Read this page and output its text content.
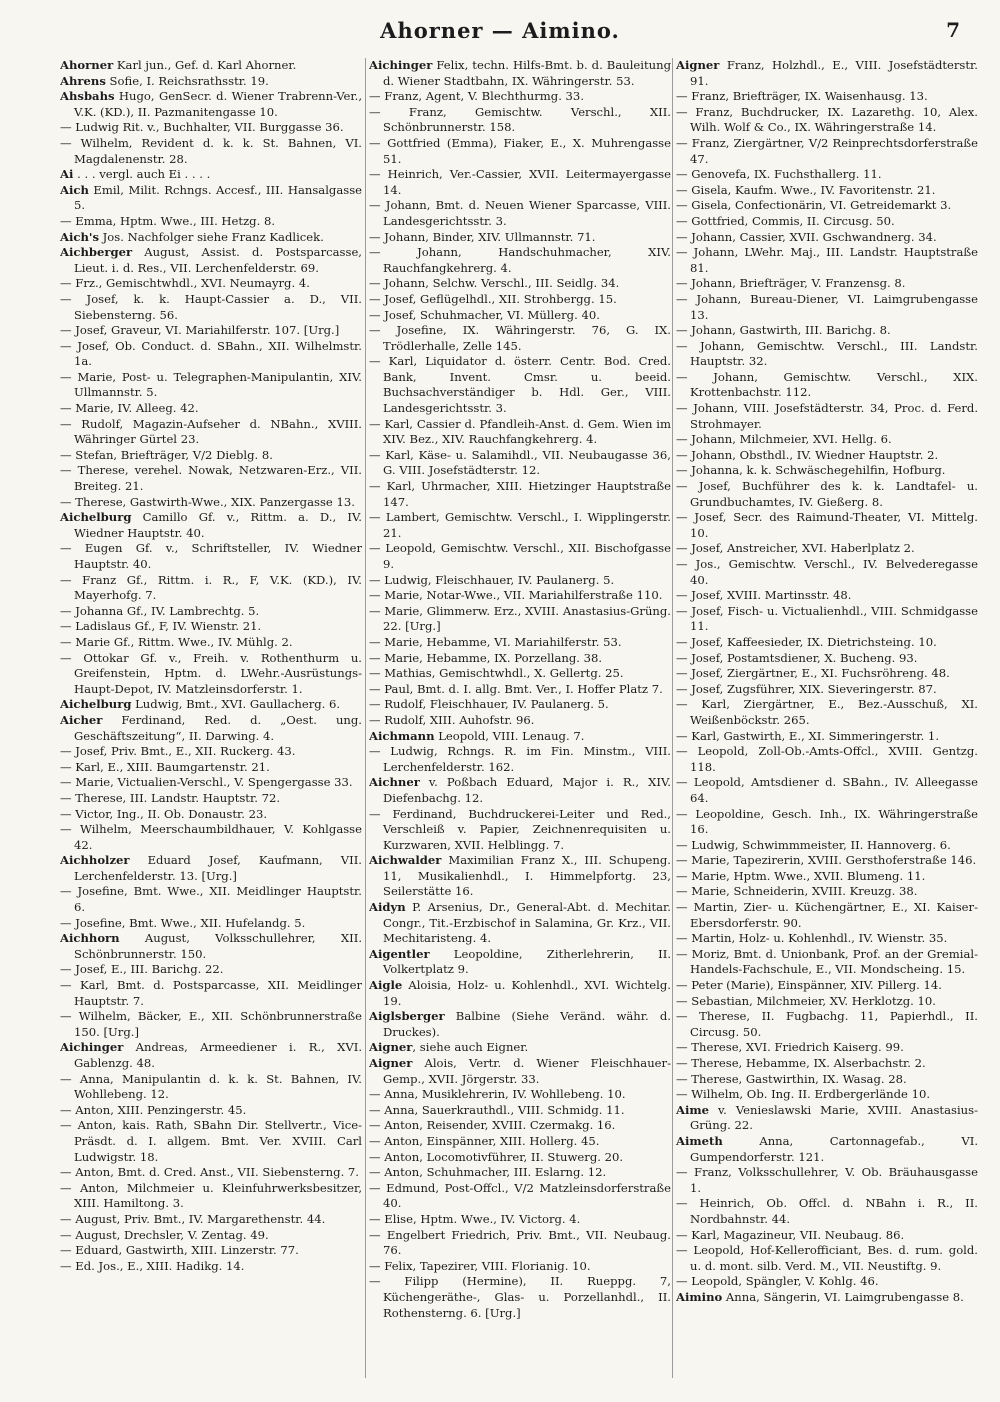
Ahorner — Aimino.	7

Ahorner Karl jun., Gef. d. Karl Ahorner.

Ahrens Sofie, I. Reichsrathsstr. 19.

Ahsbahs Hugo, GenSecr. d. Wiener Trabrenn-Ver., V.K. (KD.), II. Pazmanitengasse 10.

— Ludwig Rit. v., Buchhalter, VII. Burggasse 36.

— Wilhelm, Revident d. k. k. St. Bahnen, VI. Magdalenenstr. 28.

Ai . . . vergl. auch Ei . . . .

Aich Emil, Milit. Rchngs. Accesf., III. Hansalgasse 5.

— Emma, Hptm. Wwe., III. Hetzg. 8.

Aich's Jos. Nachfolger siehe Franz Kadlicek.

Aichberger August, Assist. d. Postsparcasse, Lieut. i. d. Res., VII. Lerchenfelderstr. 69.

— Frz., Gemischtwhdl., XVI. Neumayrg. 4.

— Josef, k. k. Haupt-Cassier a. D., VII. Siebensterng. 56.

— Josef, Graveur, VI. Mariahilferstr. 107. [Urg.]

— Josef, Ob. Conduct. d. SBahn., XII. Wilhelmstr. 1a.

— Marie, Post- u. Telegraphen-Manipulantin, XIV. Ullmannstr. 5.

— Marie, IV. Alleeg. 42.

— Rudolf, Magazin-Aufseher d. NBahn., XVIII. Währinger Gürtel 23.

— Stefan, Briefträger, V/2 Dieblg. 8.

— Therese, verehel. Nowak, Netzwaren-Erz., VII. Breiteg. 21.

— Therese, Gastwirth-Wwe., XIX. Panzergasse 13.

Aichelburg Camillo Gf. v., Rittm. a. D., IV. Wiedner Hauptstr. 40.

— Eugen Gf. v., Schriftsteller, IV. Wiedner Hauptstr. 40.

— Franz Gf., Rittm. i. R., F, V.K. (KD.), IV. Mayerhofg. 7.

— Johanna Gf., IV. Lambrechtg. 5.

— Ladislaus Gf., F, IV. Wienstr. 21.

— Marie Gf., Rittm. Wwe., IV. Mühlg. 2.

— Ottokar Gf. v., Freih. v. Rothenthurm u. Greifenstein, Hptm. d. LWehr.-Ausrüstungs-Haupt-Depot, IV. Matzleinsdorferstr. 1.

Aichelburg Ludwig, Bmt., XVI. Gaullacherg. 6.

Aicher Ferdinand, Red. d. „Oest. ung. Geschäftszeitung“, II. Darwing. 4.

— Josef, Priv. Bmt., E., XII. Ruckerg. 43.

— Karl, E., XIII. Baumgartenstr. 21.

— Marie, Victualien-Verschl., V. Spengergasse 33.

— Therese, III. Landstr. Hauptstr. 72.

— Victor, Ing., II. Ob. Donaustr. 23.

— Wilhelm, Meerschaumbildhauer, V. Kohlgasse 42.

Aichholzer Eduard Josef, Kaufmann, VII. Lerchenfelderstr. 13. [Urg.]

— Josefine, Bmt. Wwe., XII. Meidlinger Hauptstr. 6.

— Josefine, Bmt. Wwe., XII. Hufelandg. 5.

Aichhorn August, Volksschullehrer, XII. Schönbrunnerstr. 150.

— Josef, E., III. Barichg. 22.

— Karl, Bmt. d. Postsparcasse, XII. Meidlinger Hauptstr. 7.

— Wilhelm, Bäcker, E., XII. Schönbrunnerstraße 150. [Urg.]

Aichinger Andreas, Armeediener i. R., XVI. Gablenzg. 48.

— Anna, Manipulantin d. k. k. St. Bahnen, IV. Wohllebeng. 12.

— Anton, XIII. Penzingerstr. 45.

— Anton, kais. Rath, SBahn Dir. Stellvertr., Vice-Präsdt. d. I. allgem. Bmt. Ver. XVIII. Carl Ludwigstr. 18.

— Anton, Bmt. d. Cred. Anst., VII. Siebensterng. 7.

— Anton, Milchmeier u. Kleinfuhrwerksbesitzer, XIII. Hamiltong. 3.

— August, Priv. Bmt., IV. Margarethenstr. 44.

— August, Drechsler, V. Zentag. 49.

— Eduard, Gastwirth, XIII. Linzerstr. 77.

— Ed. Jos., E., XIII. Hadikg. 14.

Aichinger Felix, techn. Hilfs-Bmt. b. d. Bauleitung d. Wiener Stadtbahn, IX. Währingerstr. 53.

— Franz, Agent, V. Blechthurmg. 33.

— Franz, Gemischtw. Verschl., XII. Schönbrunnerstr. 158.

— Gottfried (Emma), Fiaker, E., X. Muhrengasse 51.

— Heinrich, Ver.-Cassier, XVII. Leitermayergasse 14.

— Johann, Bmt. d. Neuen Wiener Sparcasse, VIII. Landesgerichtsstr. 3.

— Johann, Binder, XIV. Ullmannstr. 71.

— Johann, Handschuhmacher, XIV. Rauchfangkehrerg. 4.

— Johann, Selchw. Verschl., III. Seidlg. 34.

— Josef, Geflügelhdl., XII. Strohbergg. 15.

— Josef, Schuhmacher, VI. Müllerg. 40.

— Josefine, IX. Währingerstr. 76, G. IX. Trödlerhalle, Zelle 145.

— Karl, Liquidator d. österr. Centr. Bod. Cred. Bank, Invent. Cmsr. u. beeid. Buchsachverständiger b. Hdl. Ger., VIII. Landesgerichtsstr. 3.

— Karl, Cassier d. Pfandleih-Anst. d. Gem. Wien im XIV. Bez., XIV. Rauchfangkehrerg. 4.

— Karl, Käse- u. Salamihdl., VII. Neubaugasse 36, G. VIII. Josefstädterstr. 12.

— Karl, Uhrmacher, XIII. Hietzinger Hauptstraße 147.

— Lambert, Gemischtw. Verschl., I. Wipplingerstr. 21.

— Leopold, Gemischtw. Verschl., XII. Bischofgasse 9.

— Ludwig, Fleischhauer, IV. Paulanerg. 5.

— Marie, Notar-Wwe., VII. Mariahilferstraße 110.

— Marie, Glimmerw. Erz., XVIII. Anastasius-Grüng. 22. [Urg.]

— Marie, Hebamme, VI. Mariahilferstr. 53.

— Marie, Hebamme, IX. Porzellang. 38.

— Mathias, Gemischtwhdl., X. Gellertg. 25.

— Paul, Bmt. d. I. allg. Bmt. Ver., I. Hoffer Platz 7.

— Rudolf, Fleischhauer, IV. Paulanerg. 5.

— Rudolf, XIII. Auhofstr. 96.

Aichmann Leopold, VIII. Lenaug. 7.

— Ludwig, Rchngs. R. im Fin. Minstm., VIII. Lerchenfelderstr. 162.

Aichner v. Poßbach Eduard, Major i. R., XIV. Diefenbachg. 12.

— Ferdinand, Buchdruckerei-Leiter und Red., Verschleiß v. Papier, Zeichnenrequisiten u. Kurzwaren, XVII. Helblingg. 7.

Aichwalder Maximilian Franz X., III. Schupeng. 11, Musikalienhdl., I. Himmelpfortg. 23, Seilerstätte 16.

Aidyn P. Arsenius, Dr., General-Abt. d. Mechitar. Congr., Tit.-Erzbischof in Salamina, Gr. Krz., VII. Mechitaristeng. 4.

Aigentler Leopoldine, Zitherlehrerin, II. Volkertplatz 9.

Aigle Aloisia, Holz- u. Kohlenhdl., XVI. Wichtelg. 19.

Aiglsberger Balbine (Siehe Veränd. währ. d. Druckes).

Aigner, siehe auch Eigner.

Aigner Alois, Vertr. d. Wiener Fleischhauer-Gemp., XVII. Jörgerstr. 33.

— Anna, Musiklehrerin, IV. Wohllebeng. 10.

— Anna, Sauerkrauthdl., VIII. Schmidg. 11.

— Anton, Reisender, XVIII. Czermakg. 16.

— Anton, Einspänner, XIII. Hollerg. 45.

— Anton, Locomotivführer, II. Stuwerg. 20.

— Anton, Schuhmacher, III. Eslarng. 12.

— Edmund, Post-Offcl., V/2 Matzleinsdorferstraße 40.

— Elise, Hptm. Wwe., IV. Victorg. 4.

— Engelbert Friedrich, Priv. Bmt., VII. Neubaug. 76.

— Felix, Tapezirer, VIII. Florianig. 10.

— Filipp (Hermine), II. Rueppg. 7, Küchengeräthe-, Glas- u. Porzellanhdl., II. Rothensterng. 6. [Urg.]

Aigner Franz, Holzhdl., E., VIII. Josefstädterstr. 91.

— Franz, Briefträger, IX. Waisenhausg. 13.

— Franz, Buchdrucker, IX. Lazarethg. 10, Alex. Wilh. Wolf & Co., IX. Währingerstraße 14.

— Franz, Ziergärtner, V/2 Reinprechtsdorferstraße 47.

— Genovefa, IX. Fuchsthallerg. 11.

— Gisela, Kaufm. Wwe., IV. Favoritenstr. 21.

— Gisela, Confectionärin, VI. Getreidemarkt 3.

— Gottfried, Commis, II. Circusg. 50.

— Johann, Cassier, XVII. Gschwandnerg. 34.

— Johann, LWehr. Maj., III. Landstr. Hauptstraße 81.

— Johann, Briefträger, V. Franzensg. 8.

— Johann, Bureau-Diener, VI. Laimgrubengasse 13.

— Johann, Gastwirth, III. Barichg. 8.

— Johann, Gemischtw. Verschl., III. Landstr. Hauptstr. 32.

— Johann, Gemischtw. Verschl., XIX. Krottenbachstr. 112.

— Johann, VIII. Josefstädterstr. 34, Proc. d. Ferd. Strohmayer.

— Johann, Milchmeier, XVI. Hellg. 6.

— Johann, Obsthdl., IV. Wiedner Hauptstr. 2.

— Johanna, k. k. Schwäschegehilfin, Hofburg.

— Josef, Buchführer des k. k. Landtafel- u. Grundbuchamtes, IV. Gießerg. 8.

— Josef, Secr. des Raimund-Theater, VI. Mittelg. 10.

— Josef, Anstreicher, XVI. Haberlplatz 2.

— Jos., Gemischtw. Verschl., IV. Belvederegasse 40.

— Josef, XVIII. Martinsstr. 48.

— Josef, Fisch- u. Victualienhdl., VIII. Schmidgasse 11.

— Josef, Kaffeesieder, IX. Dietrichsteing. 10.

— Josef, Postamtsdiener, X. Bucheng. 93.

— Josef, Ziergärtner, E., XI. Fuchsröhreng. 48.

— Josef, Zugsführer, XIX. Sieveringerstr. 87.

— Karl, Ziergärtner, E., Bez.-Ausschuß, XI. Weißenböckstr. 265.

— Karl, Gastwirth, E., XI. Simmeringerstr. 1.

— Leopold, Zoll-Ob.-Amts-Offcl., XVIII. Gentzg. 118.

— Leopold, Amtsdiener d. SBahn., IV. Alleegasse 64.

— Leopoldine, Gesch. Inh., IX. Währingerstraße 16.

— Ludwig, Schwimmmeister, II. Hannoverg. 6.

— Marie, Tapezirerin, XVIII. Gersthoferstraße 146.

— Marie, Hptm. Wwe., XVII. Blumeng. 11.

— Marie, Schneiderin, XVIII. Kreuzg. 38.

— Martin, Zier- u. Küchengärtner, E., XI. Kaiser-Ebersdorferstr. 90.

— Martin, Holz- u. Kohlenhdl., IV. Wienstr. 35.

— Moriz, Bmt. d. Unionbank, Prof. an der Gremial-Handels-Fachschule, E., VII. Mondscheing. 15.

— Peter (Marie), Einspänner, XIV. Pillerg. 14.

— Sebastian, Milchmeier, XV. Herklotzg. 10.

— Therese, II. Fugbachg. 11, Papierhdl., II. Circusg. 50.

— Therese, XVI. Friedrich Kaiserg. 99.

— Therese, Hebamme, IX. Alserbachstr. 2.

— Therese, Gastwirthin, IX. Wasag. 28.

— Wilhelm, Ob. Ing. II. Erdbergerlände 10.

Aime v. Venieslawski Marie, XVIII. Anastasius-Grüng. 22.

Aimeth Anna, Cartonnagefab., VI. Gumpendorferstr. 121.

— Franz, Volksschullehrer, V. Ob. Bräuhausgasse 1.

— Heinrich, Ob. Offcl. d. NBahn i. R., II. Nordbahnstr. 44.

— Karl, Magazineur, VII. Neubaug. 86.

— Leopold, Hof-Kellerofficiant, Bes. d. rum. gold. u. d. mont. silb. Verd. M., VII. Neustiftg. 9.

— Leopold, Spängler, V. Kohlg. 46.

Aimino Anna, Sängerin, VI. Laimgrubengasse 8.
